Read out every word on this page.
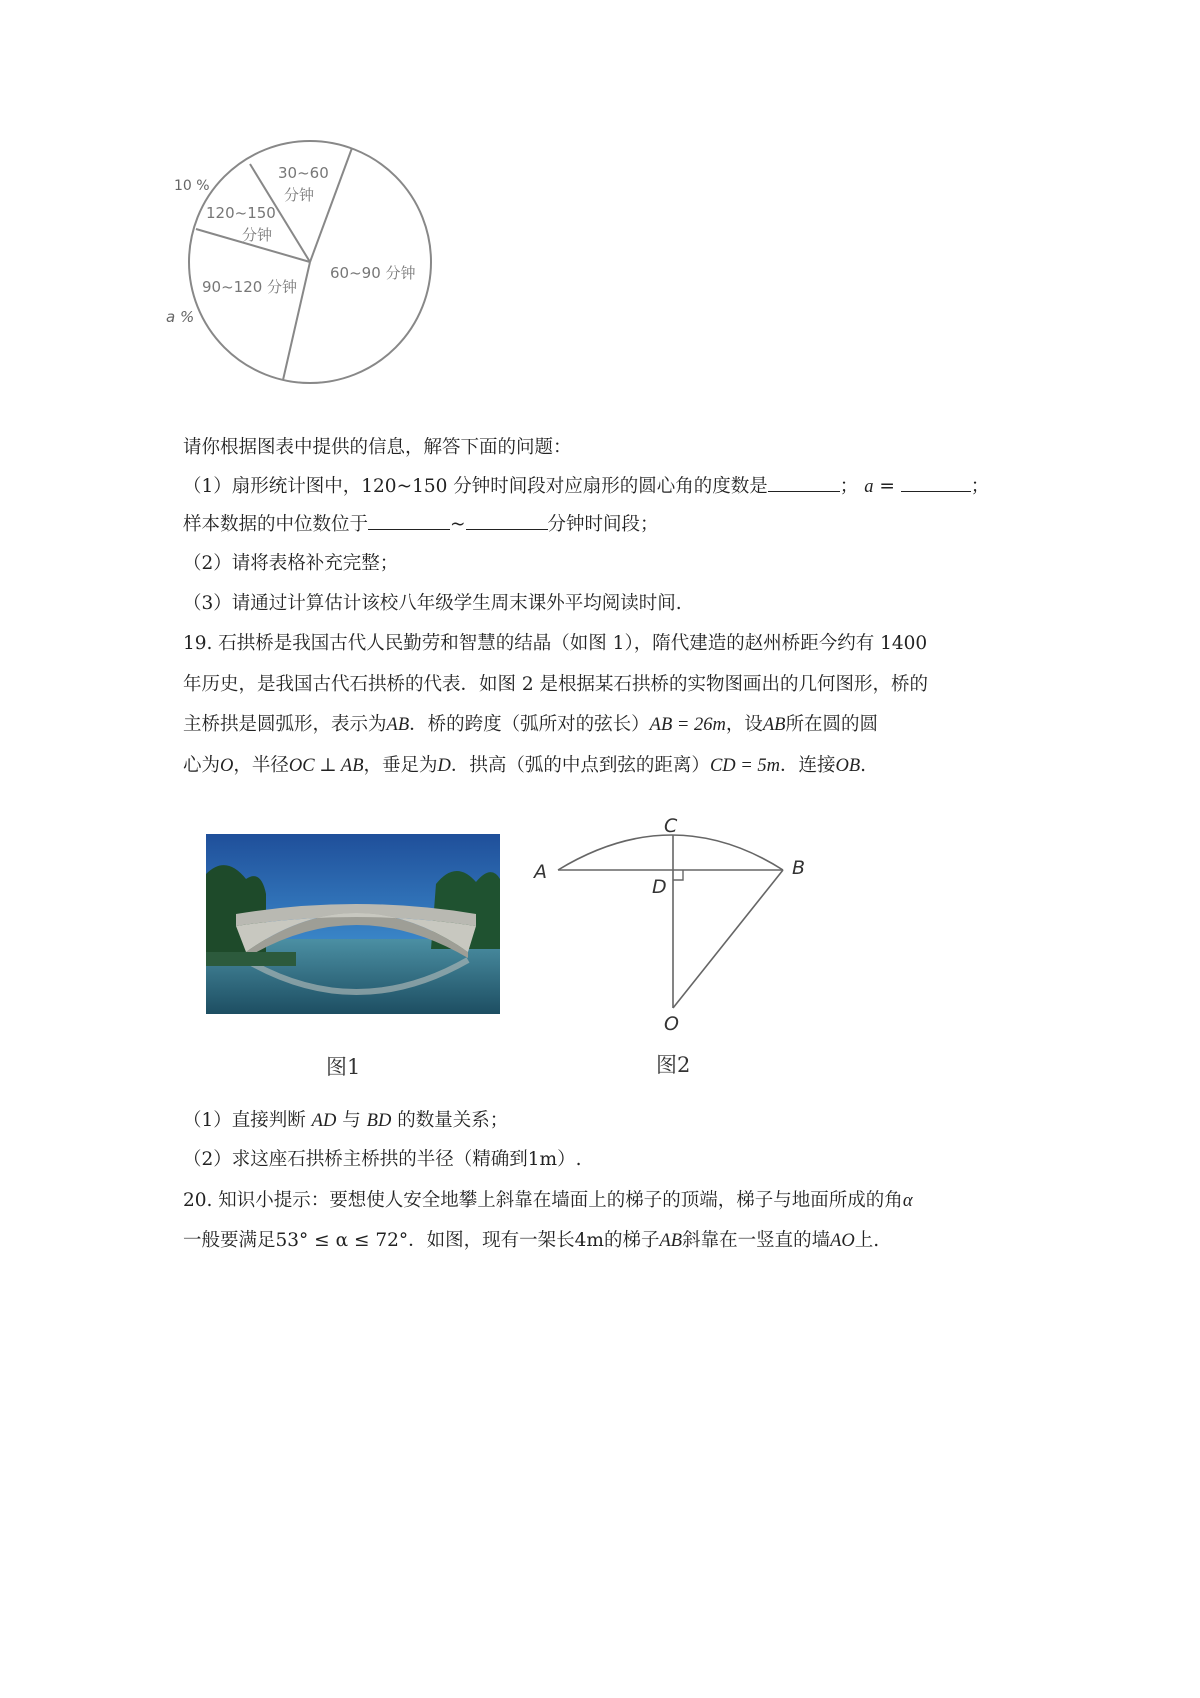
10 %
a %
30~60
分钟
120~150
分钟
90~120 分钟
60~90 分钟
请你根据图表中提供的信息，解答下面的问题：
（1）扇形统计图中，120~150 分钟时间段对应扇形的圆心角的度数是	； a =	；
样本数据的中位数位于	~	分钟时间段；
（2）请将表格补充完整；
（3）请通过计算估计该校八年级学生周末课外平均阅读时间.
19. 石拱桥是我国古代人民勤劳和智慧的结晶（如图 1），隋代建造的赵州桥距今约有 1400
年历史，是我国古代石拱桥的代表．如图 2 是根据某石拱桥的实物图画出的几何图形，桥的
主桥拱是圆弧形，表示为AB．桥的跨度（弧所对的弦长）AB = 26m，设AB所在圆的圆
心为O，半径OC ⊥ AB，垂足为D．拱高（弧的中点到弦的距离）CD = 5m．连接OB.
C
A	B
D
O
图1	图2
（1）直接判断 AD 与 BD 的数量关系；
（2）求这座石拱桥主桥拱的半径（精确到1m）.
20. 知识小提示：要想使人安全地攀上斜靠在墙面上的梯子的顶端，梯子与地面所成的角α
一般要满足53° ≤ α ≤ 72°．如图，现有一架长4m的梯子AB斜靠在一竖直的墙AO上.
